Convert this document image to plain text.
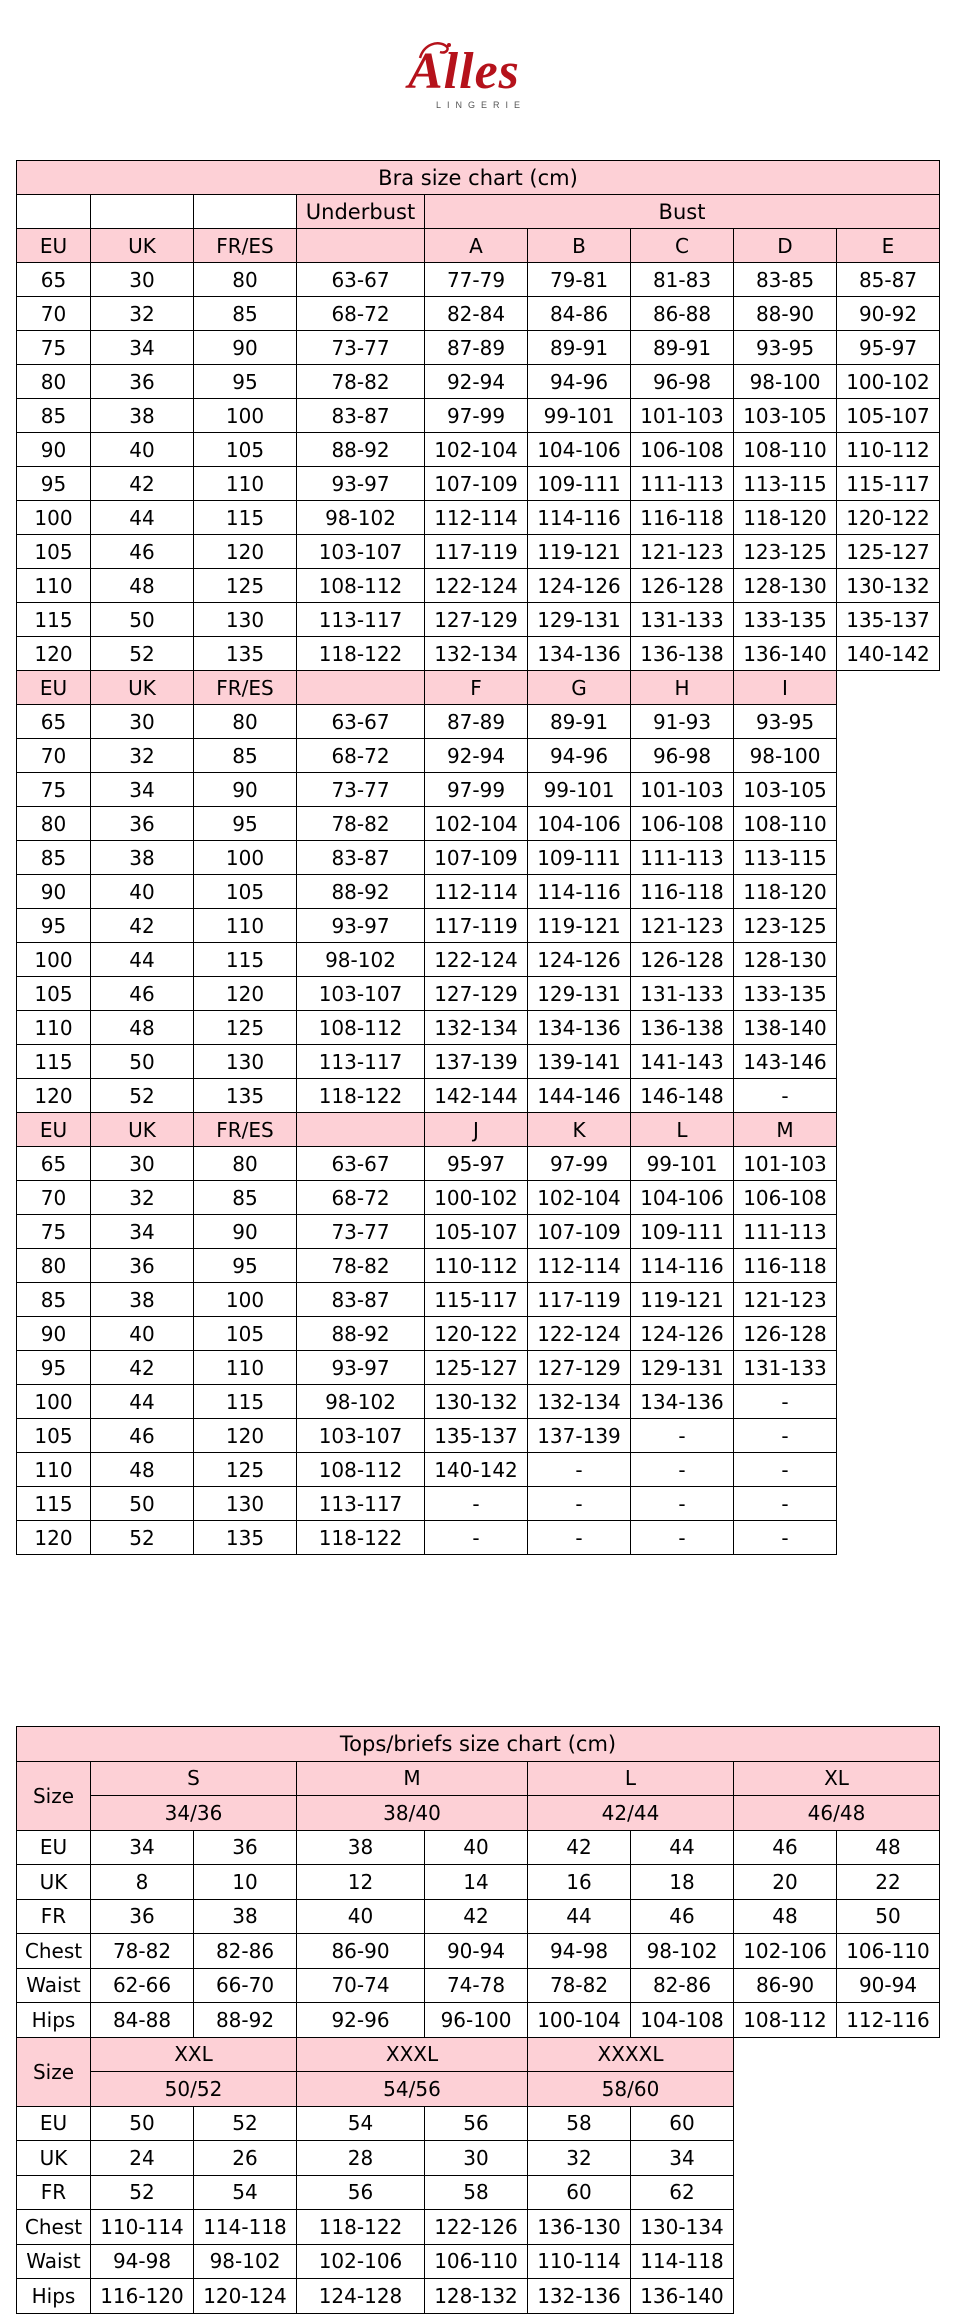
Alles
LINGERIE
Bra size chart (cm)								
			Underbust	Bust				
EU	UK	FR/ES		A	B	C	D	E
65	30	80	63-67	77-79	79-81	81-83	83-85	85-87
70	32	85	68-72	82-84	84-86	86-88	88-90	90-92
75	34	90	73-77	87-89	89-91	89-91	93-95	95-97
80	36	95	78-82	92-94	94-96	96-98	98-100	100-102
85	38	100	83-87	97-99	99-101	101-103	103-105	105-107
90	40	105	88-92	102-104	104-106	106-108	108-110	110-112
95	42	110	93-97	107-109	109-111	111-113	113-115	115-117
100	44	115	98-102	112-114	114-116	116-118	118-120	120-122
105	46	120	103-107	117-119	119-121	121-123	123-125	125-127
110	48	125	108-112	122-124	124-126	126-128	128-130	130-132
115	50	130	113-117	127-129	129-131	131-133	133-135	135-137
120	52	135	118-122	132-134	134-136	136-138	136-140	140-142
EU	UK	FR/ES		F	G	H	I	
65	30	80	63-67	87-89	89-91	91-93	93-95	
70	32	85	68-72	92-94	94-96	96-98	98-100	
75	34	90	73-77	97-99	99-101	101-103	103-105	
80	36	95	78-82	102-104	104-106	106-108	108-110	
85	38	100	83-87	107-109	109-111	111-113	113-115	
90	40	105	88-92	112-114	114-116	116-118	118-120	
95	42	110	93-97	117-119	119-121	121-123	123-125	
100	44	115	98-102	122-124	124-126	126-128	128-130	
105	46	120	103-107	127-129	129-131	131-133	133-135	
110	48	125	108-112	132-134	134-136	136-138	138-140	
115	50	130	113-117	137-139	139-141	141-143	143-146	
120	52	135	118-122	142-144	144-146	146-148	-	
EU	UK	FR/ES		J	K	L	M	
65	30	80	63-67	95-97	97-99	99-101	101-103	
70	32	85	68-72	100-102	102-104	104-106	106-108	
75	34	90	73-77	105-107	107-109	109-111	111-113	
80	36	95	78-82	110-112	112-114	114-116	116-118	
85	38	100	83-87	115-117	117-119	119-121	121-123	
90	40	105	88-92	120-122	122-124	124-126	126-128	
95	42	110	93-97	125-127	127-129	129-131	131-133	
100	44	115	98-102	130-132	132-134	134-136	-	
105	46	120	103-107	135-137	137-139	-	-	
110	48	125	108-112	140-142	-	-	-	
115	50	130	113-117	-	-	-	-	
120	52	135	118-122	-	-	-	-	
Tops/briefs size chart (cm)								
Size	S		M		L		XL	
	34/36		38/40		42/44		46/48	
EU	34	36	38	40	42	44	46	48
UK	8	10	12	14	16	18	20	22
FR	36	38	40	42	44	46	48	50
Chest	78-82	82-86	86-90	90-94	94-98	98-102	102-106	106-110
Waist	62-66	66-70	70-74	74-78	78-82	82-86	86-90	90-94
Hips	84-88	88-92	92-96	96-100	100-104	104-108	108-112	112-116
Size	XXL		XXXL		XXXXL			
	50/52		54/56		58/60			
EU	50	52	54	56	58	60		
UK	24	26	28	30	32	34		
FR	52	54	56	58	60	62		
Chest	110-114	114-118	118-122	122-126	136-130	130-134		
Waist	94-98	98-102	102-106	106-110	110-114	114-118		
Hips	116-120	120-124	124-128	128-132	132-136	136-140		
